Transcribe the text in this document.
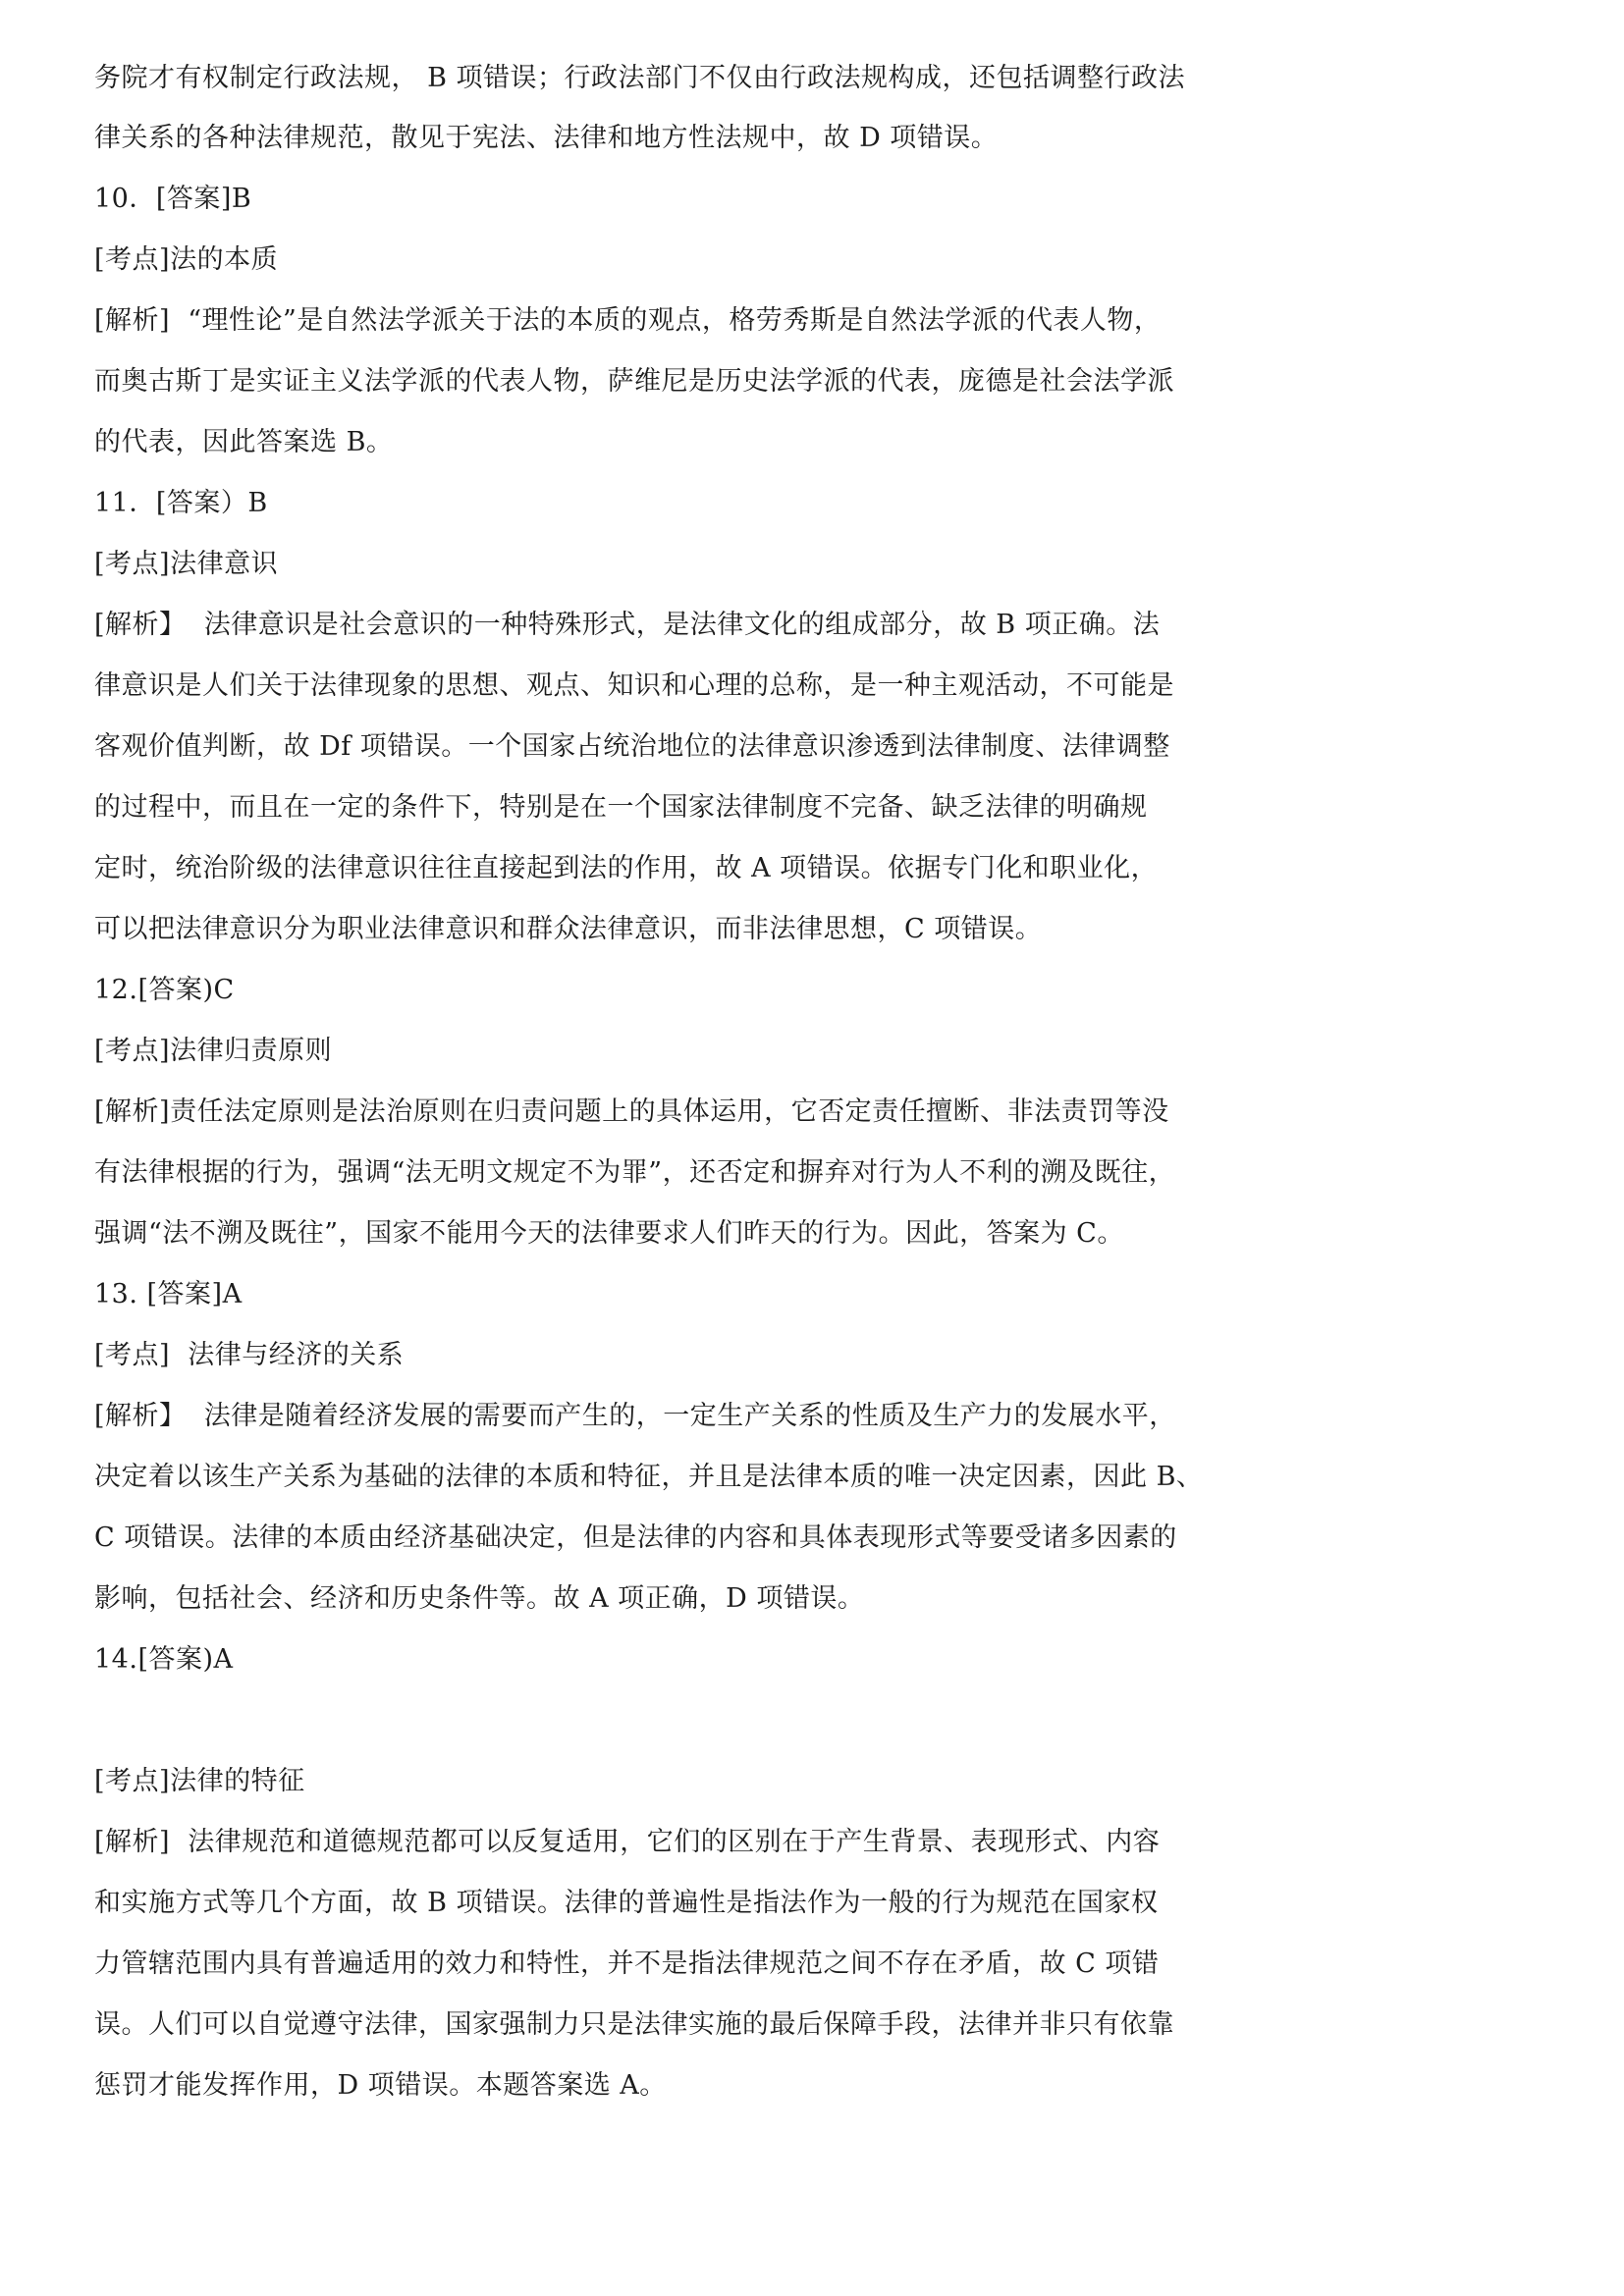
务院才有权制定行政法规， B 项错误；行政法部门不仅由行政法规构成，还包括调整行政法
律关系的各种法律规范，散见于宪法、法律和地方性法规中，故 D 项错误。
10．[答案]B
[考点]法的本质
[解析]  “理性论”是自然法学派关于法的本质的观点，格劳秀斯是自然法学派的代表人物，
而奥古斯丁是实证主义法学派的代表人物，萨维尼是历史法学派的代表，庞德是社会法学派
的代表，因此答案选 B。
11．[答案）B
[考点]法律意识
[解析】  法律意识是社会意识的一种特殊形式，是法律文化的组成部分，故 B 项正确。法
律意识是人们关于法律现象的思想、观点、知识和心理的总称，是一种主观活动，不可能是
客观价值判断，故 Df 项错误。一个国家占统治地位的法律意识渗透到法律制度、法律调整
的过程中，而且在一定的条件下，特别是在一个国家法律制度不完备、缺乏法律的明确规
定时，统治阶级的法律意识往往直接起到法的作用，故 A 项错误。依据专门化和职业化，
可以把法律意识分为职业法律意识和群众法律意识，而非法律思想，C 项错误。
12.[答案)C
[考点]法律归责原则
[解析]责任法定原则是法治原则在归责问题上的具体运用，它否定责任擅断、非法责罚等没
有法律根据的行为，强调“法无明文规定不为罪”，还否定和摒弃对行为人不利的溯及既往，
强调“法不溯及既往”，国家不能用今天的法律要求人们昨天的行为。因此，答案为 C。
13. [答案]A
[考点]  法律与经济的关系
[解析】  法律是随着经济发展的需要而产生的，一定生产关系的性质及生产力的发展水平，
决定着以该生产关系为基础的法律的本质和特征，并且是法律本质的唯一决定因素，因此 B、
C 项错误。法律的本质由经济基础决定，但是法律的内容和具体表现形式等要受诸多因素的
影响，包括社会、经济和历史条件等。故 A 项正确，D 项错误。
14.[答案)A
[考点]法律的特征
[解析]  法律规范和道德规范都可以反复适用，它们的区别在于产生背景、表现形式、内容
和实施方式等几个方面，故 B 项错误。法律的普遍性是指法作为一般的行为规范在国家权
力管辖范围内具有普遍适用的效力和特性，并不是指法律规范之间不存在矛盾，故 C 项错
误。人们可以自觉遵守法律，国家强制力只是法律实施的最后保障手段，法律并非只有依靠
惩罚才能发挥作用，D 项错误。本题答案选 A。
